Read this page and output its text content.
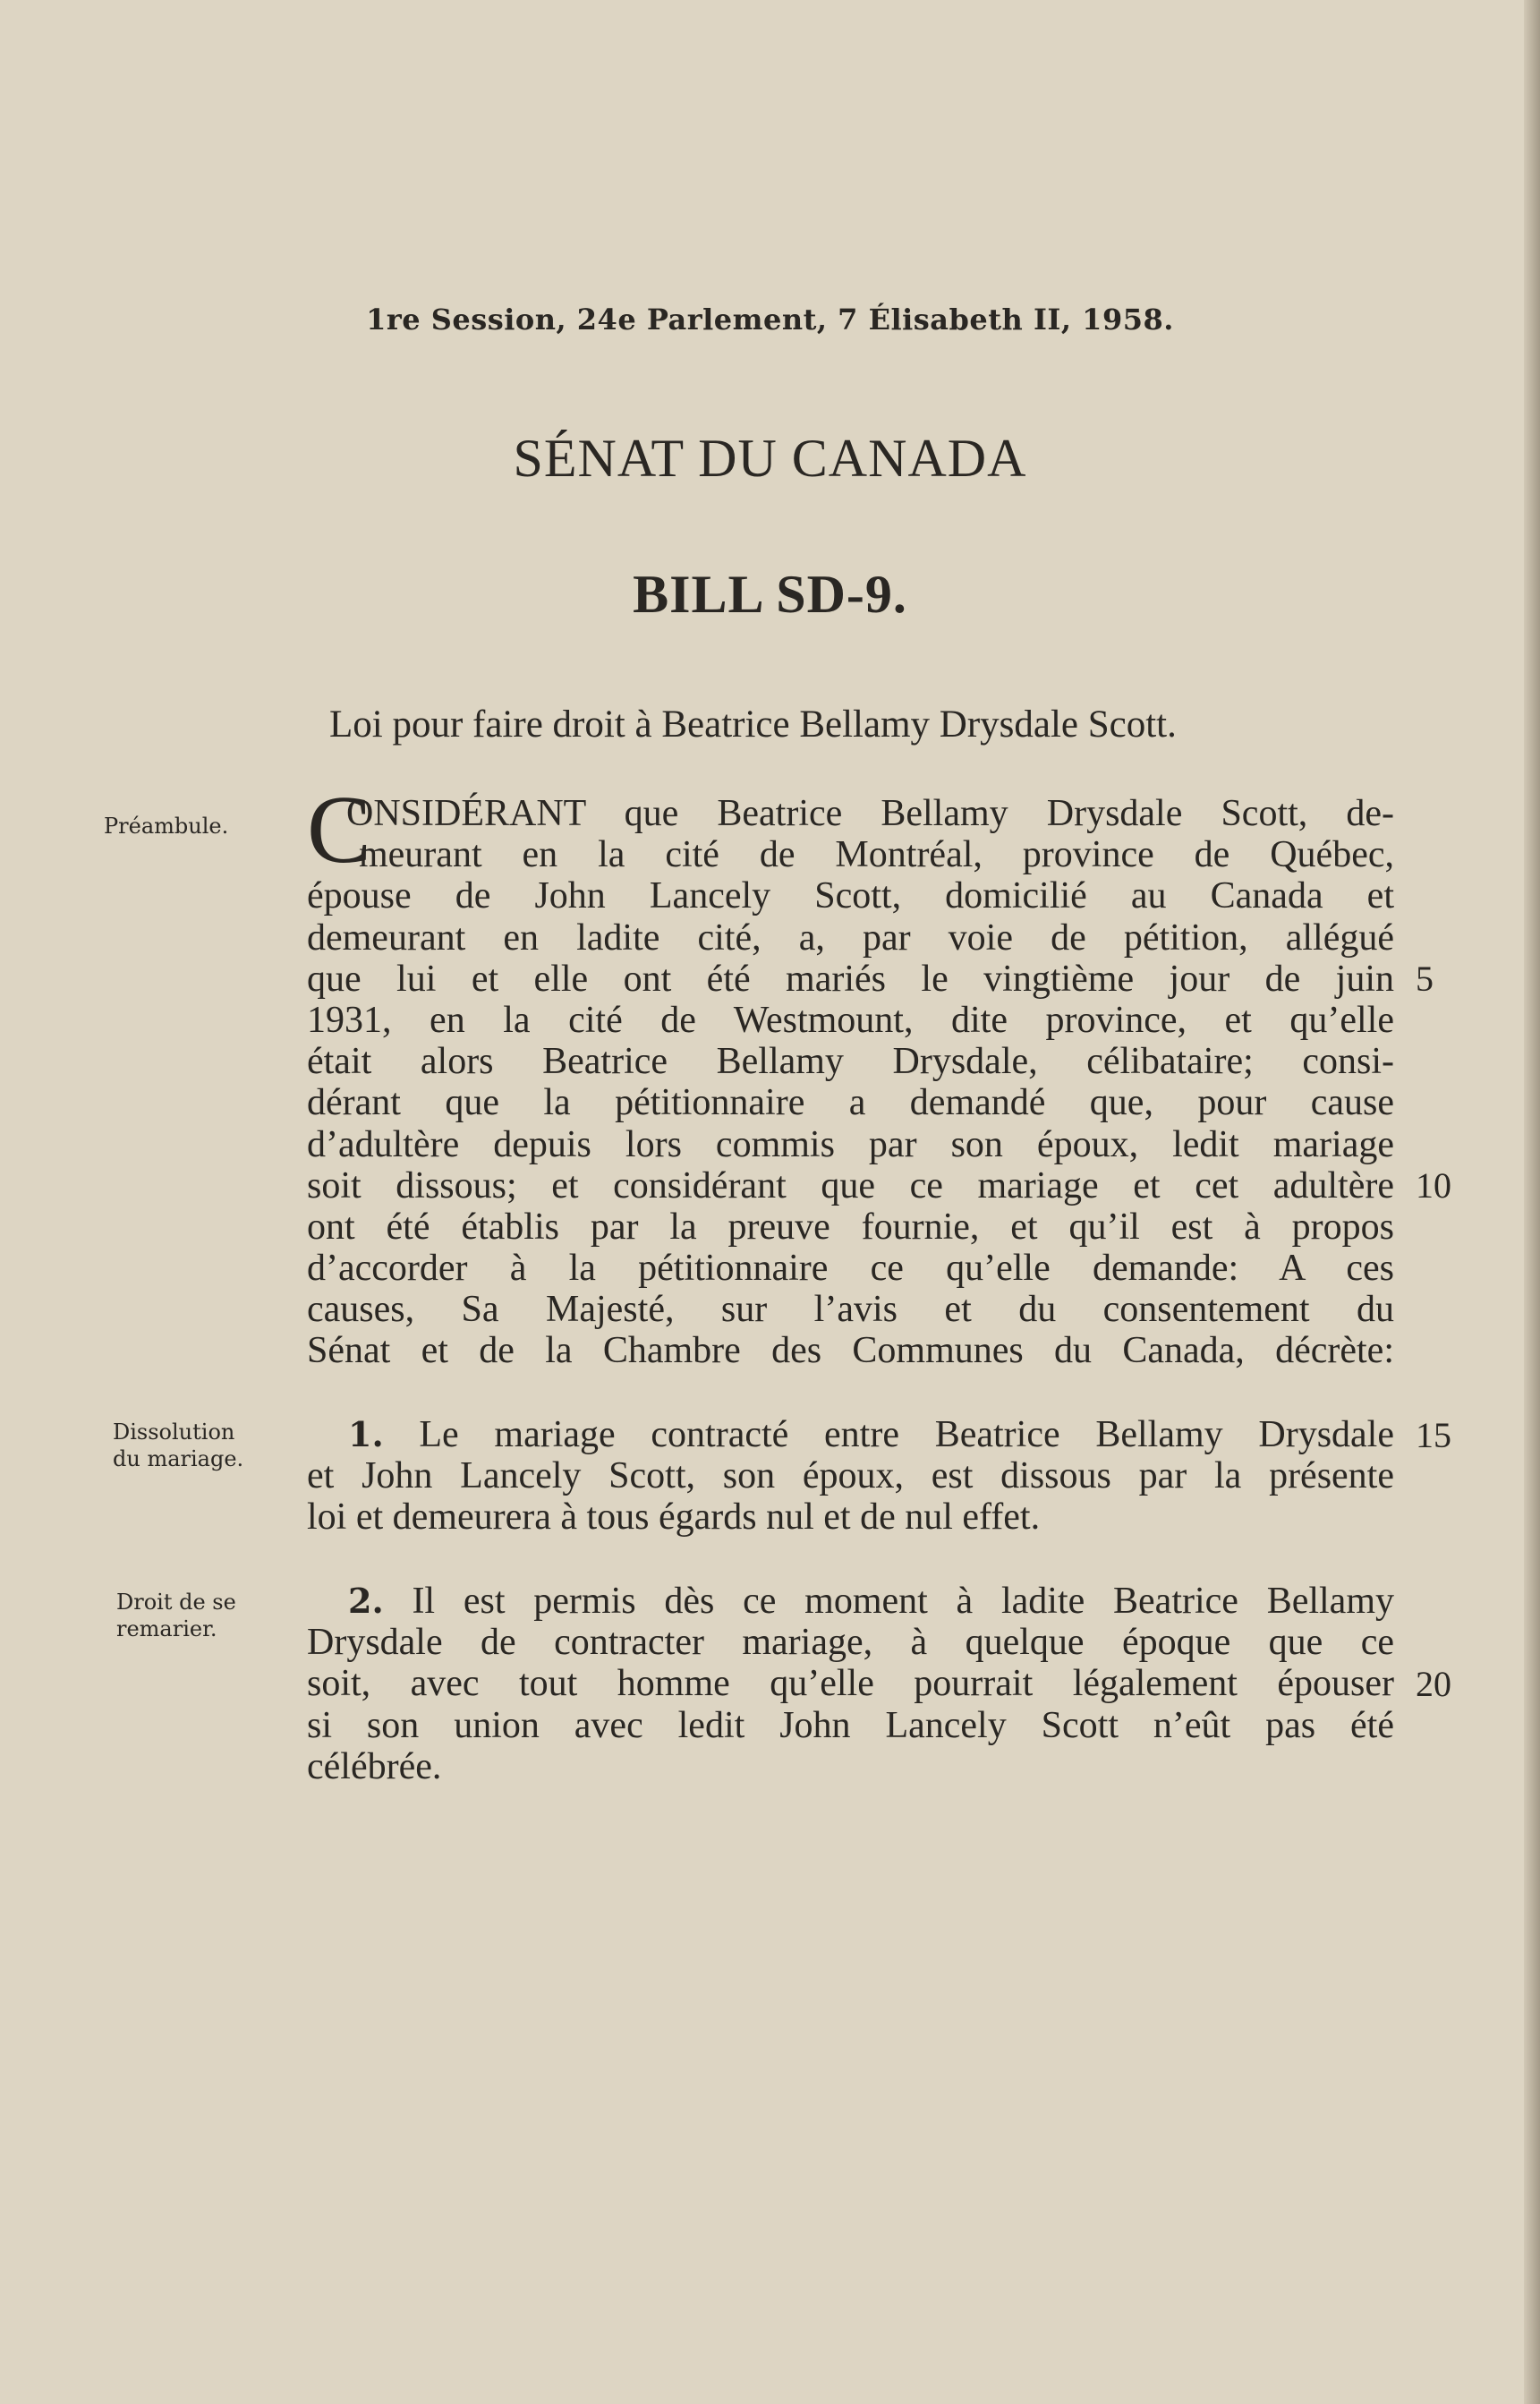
1re Session, 24e Parlement, 7 Élisabeth II, 1958.
SÉNAT DU CANADA
BILL SD-9.
Loi pour faire droit à Beatrice Bellamy Drysdale Scott.
Préambule.
Dissolution
du mariage.
Droit de se
remarier.
C
ONSIDÉRANT que Beatrice Bellamy Drysdale Scott, de-
meurant en la cité de Montréal, province de Québec,
épouse de John Lancely Scott, domicilié au Canada et
demeurant en ladite cité, a, par voie de pétition, allégué
que lui et elle ont été mariés le vingtième jour de juin
1931, en la cité de Westmount, dite province, et qu’elle
était alors Beatrice Bellamy Drysdale, célibataire; consi-
dérant que la pétitionnaire a demandé que, pour cause
d’adultère depuis lors commis par son époux, ledit mariage
soit dissous; et considérant que ce mariage et cet adultère
ont été établis par la preuve fournie, et qu’il est à propos
d’accorder à la pétitionnaire ce qu’elle demande: A ces
causes, Sa Majesté, sur l’avis et du consentement du
Sénat et de la Chambre des Communes du Canada, décrète:
1. Le mariage contracté entre Beatrice Bellamy Drysdale
et John Lancely Scott, son époux, est dissous par la présente
loi et demeurera à tous égards nul et de nul effet.
2. Il est permis dès ce moment à ladite Beatrice Bellamy
Drysdale de contracter mariage, à quelque époque que ce
soit, avec tout homme qu’elle pourrait légalement épouser
si son union avec ledit John Lancely Scott n’eût pas été
célébrée.
5
10
15
20
